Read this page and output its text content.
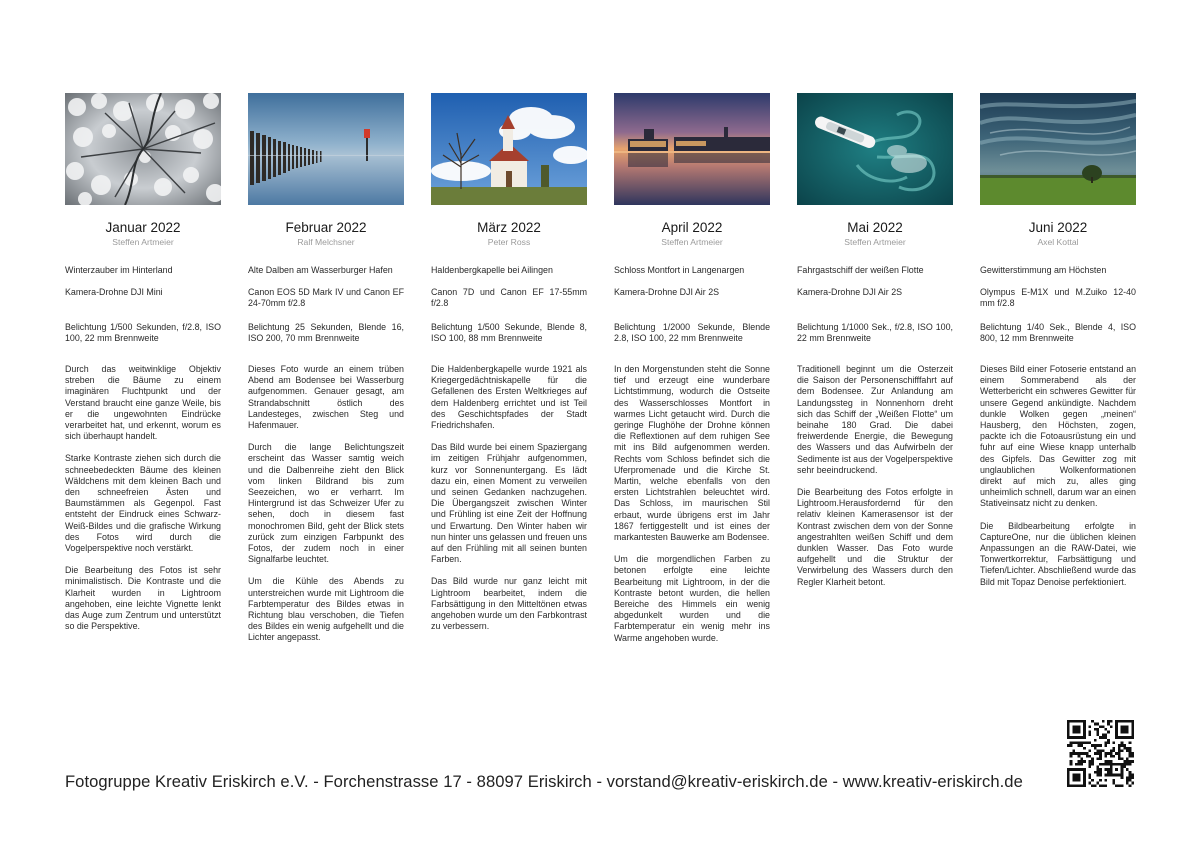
Januar 2022
Steffen Artmeier
Winterzauber im Hinterland
Kamera-Drohne DJI Mini
Belichtung 1/500 Sekunden, f/2.8, ISO 100, 22 mm Brennweite

Durch das weitwinklige Objektiv streben die Bäume zu einem imaginären Fluchtpunkt und der Verstand braucht eine ganze Weile, bis er die ungewohnten Eindrücke verarbeitet hat, und erkennt, worum es sich überhaupt handelt.

Starke Kontraste ziehen sich durch die schneebedeckten Bäume des kleinen Wäldchens mit dem kleinen Bach und den schneefreien Ästen und Baumstämmen als Gegenpol. Fast entsteht der Eindruck eines Schwarz-Weiß-Bildes und die grafische Wirkung des Fotos wird durch die Vogelperspektive noch verstärkt.

Die Bearbeitung des Fotos ist sehr minimalistisch. Die Kontraste und die Klarheit wurden in Lightroom angehoben, eine leichte Vignette lenkt das Auge zum Zentrum und unterstützt so die Perspektive.

Februar 2022
Ralf Melchsner
Alte Dalben am Wasserburger Hafen
Canon EOS 5D Mark IV und Canon EF 24-70mm f/2.8
Belichtung 25 Sekunden, Blende 16, ISO 200, 70 mm Brennweite

Dieses Foto wurde an einem trüben Abend am Bodensee bei Wasserburg aufgenommen. Genauer gesagt, am Strandabschnitt östlich des Landesteges, zwischen Steg und Hafenmauer.

Durch die lange Belichtungszeit erscheint das Wasser samtig weich und die Dalbenreihe zieht den Blick vom linken Bildrand bis zum Seezeichen, wo er verharrt. Im Hintergrund ist das Schweizer Ufer zu sehen, doch in diesem fast monochromen Bild, geht der Blick stets zurück zum einzigen Farbpunkt des Fotos, der zudem noch in einer Signalfarbe leuchtet.

Um die Kühle des Abends zu unterstreichen wurde mit Lightroom die Farbtemperatur des Bildes etwas in Richtung blau verschoben, die Tiefen des Bildes ein wenig aufgehellt und die Lichter angepasst.

März 2022
Peter Ross
Haldenbergkapelle bei Ailingen
Canon 7D und Canon EF 17-55mm f/2.8
Belichtung 1/500 Sekunde, Blende 8, ISO 100, 88 mm Brennweite

Die Haldenbergkapelle wurde 1921 als Kriegergedächtniskapelle für die Gefallenen des Ersten Weltkrieges auf dem Haldenberg errichtet und ist Teil des Geschichtspfades der Stadt Friedrichshafen.

Das Bild wurde bei einem Spaziergang im zeitigen Frühjahr aufgenommen, kurz vor Sonnenuntergang. Es lädt dazu ein, einen Moment zu verweilen und seinen Gedanken nachzugehen. Die Übergangszeit zwischen Winter und Frühling ist eine Zeit der Hoffnung und Erwartung. Den Winter haben wir nun hinter uns gelassen und freuen uns auf den Frühling mit all seinen bunten Farben.

Das Bild wurde nur ganz leicht mit Lightroom bearbeitet, indem die Farbsättigung in den Mitteltönen etwas angehoben wurde um den Farbkontrast zu verbessern.

April 2022
Steffen Artmeier
Schloss Montfort in Langenargen
Kamera-Drohne DJI Air 2S
Belichtung 1/2000 Sekunde, Blende 2.8, ISO 100, 22 mm Brennweite

In den Morgenstunden steht die Sonne tief und erzeugt eine wunderbare Lichtstimmung, wodurch die Ostseite des Wasserschlosses Montfort in warmes Licht getaucht wird. Durch die geringe Flughöhe der Drohne können die Reflextionen auf dem ruhigen See mit ins Bild aufgenommen werden. Rechts vom Schloss befindet sich die Uferpromenade und die Kirche St. Martin, welche ebenfalls von den ersten Lichtstrahlen beleuchtet wird. Das Schloss, im maurischen Stil erbaut, wurde übrigens erst im Jahr 1867 fertiggestellt und ist eines der markantesten Bauwerke am Bodensee.

Um die morgendlichen Farben zu betonen erfolgte eine leichte Bearbeitung mit Lightroom, in der die Kontraste betont wurden, die hellen Bereiche des Himmels ein wenig abgedunkelt wurden und die Farbtemperatur ein wenig mehr ins Warme angehoben wurde.

Mai 2022
Steffen Artmeier
Fahrgastschiff der weißen Flotte
Kamera-Drohne DJI Air 2S
Belichtung 1/1000 Sek., f/2.8, ISO 100, 22 mm Brennweite

Traditionell beginnt um die Osterzeit die Saison der Personenschifffahrt auf dem Bodensee. Zur Anlandung am Landungssteg in Nonnenhorn dreht sich das Schiff der „Weißen Flotte“ um beinahe 180 Grad. Die dabei freiwerdende Energie, die Bewegung des Wassers und das Aufwirbeln der Sedimente ist aus der Vogelperspektive sehr beeindruckend.

Die Bearbeitung des Fotos erfolgte in Lightroom.Herausfordernd für den relativ kleinen Kamerasensor ist der Kontrast zwischen dem von der Sonne angestrahlten weißen Schiff und dem dunklen Wasser. Das Foto wurde aufgehellt und die Struktur der Verwirbelung des Wassers durch den Regler Klarheit betont.

Juni 2022
Axel Kottal
Gewitterstimmung am Höchsten
Olympus E-M1X und M.Zuiko 12-40 mm f/2.8
Belichtung 1/40 Sek., Blende 4, ISO 800, 12 mm Brennweite

Dieses Bild einer Fotoserie entstand an einem Sommerabend als der Wetterbericht ein schweres Gewitter für unsere Gegend ankündigte. Nachdem dunkle Wolken gegen „meinen“ Hausberg, den Höchsten, zogen, packte ich die Fotoausrüstung ein und fuhr auf eine Wiese knapp unterhalb des Gipfels. Das Gewitter zog mit unglaublichen Wolkenformationen direkt auf mich zu, alles ging unheimlich schnell, darum war an einen Stativeinsatz nicht zu denken.

Die Bildbearbeitung erfolgte in CaptureOne, nur die üblichen kleinen Anpassungen an die RAW-Datei, wie Tonwertkorrektur, Farbsättigung und Tiefen/Lichter. Abschließend wurde das Bild mit Topaz Denoise perfektioniert.

Fotogruppe Kreativ Eriskirch e.V. - Forchenstrasse 17 - 88097 Eriskirch - vorstand@kreativ-eriskirch.de - www.kreativ-eriskirch.de
